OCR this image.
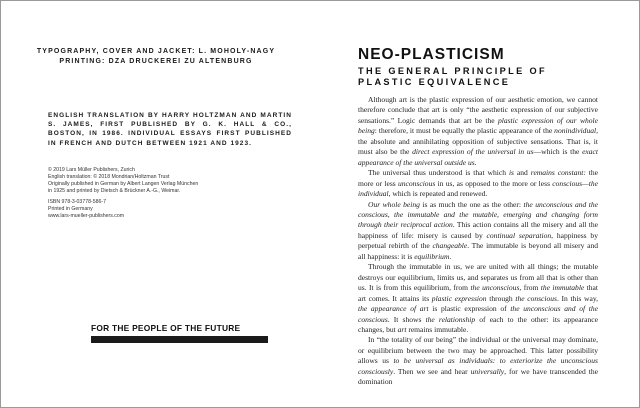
TYPOGRAPHY, COVER AND JACKET: L. MOHOLY-NAGY
PRINTING: DZA DRUCKEREI ZU ALTENBURG
ENGLISH TRANSLATION BY HARRY HOLTZMAN AND MARTIN S. JAMES, FIRST PUBLISHED BY G. K. HALL & CO., BOSTON, IN 1986. INDIVIDUAL ESSAYS FIRST PUBLISHED IN FRENCH AND DUTCH BETWEEN 1921 AND 1923.
© 2019 Lars Müller Publishers, Zurich
English translation: © 2018 Mondrian/Holtzman Trust
Originally published in German by Albert Langen Verlag München
in 1925 and printed by Dietsch & Brückner A.-G., Weimar.
ISBN 978-3-03778-586-7
Printed in Germany
www.lars-mueller-publishers.com
FOR THE PEOPLE OF THE FUTURE
NEO-PLASTICISM
THE GENERAL PRINCIPLE OF PLASTIC EQUIVALENCE

Although art is the plastic expression of our aesthetic emotion, we cannot therefore conclude that art is only “the aesthetic expression of our subjective sensations.” Logic demands that art be the plastic expression of our whole being: therefore, it must be equally the plastic appearance of the nonindividual, the absolute and annihilating opposition of subjective sensations. That is, it must also be the direct expression of the universal in us—which is the exact appearance of the universal outside us.

The universal thus understood is that which is and remains constant: the more or less unconscious in us, as opposed to the more or less conscious—the individual, which is repeated and renewed.

Our whole being is as much the one as the other: the unconscious and the conscious, the immutable and the mutable, emerging and changing form through their reciprocal action. This action contains all the misery and all the happiness of life: misery is caused by continual separation, happiness by perpetual rebirth of the changeable. The immutable is beyond all misery and all happiness: it is equilibrium.

Through the immutable in us, we are united with all things; the mutable destroys our equilibrium, limits us, and separates us from all that is other than us. It is from this equilibrium, from the unconscious, from the immutable that art comes. It attains its plastic expression through the conscious. In this way, the appearance of art is plastic expression of the unconscious and of the conscious. It shows the relationship of each to the other: its appearance changes, but art remains immutable.

In “the totality of our being” the individual or the universal may dominate, or equilibrium between the two may be approached. This latter possibility allows us to be universal as individuals: to exteriorize the unconscious consciously. Then we see and hear universally, for we have transcended the domination
